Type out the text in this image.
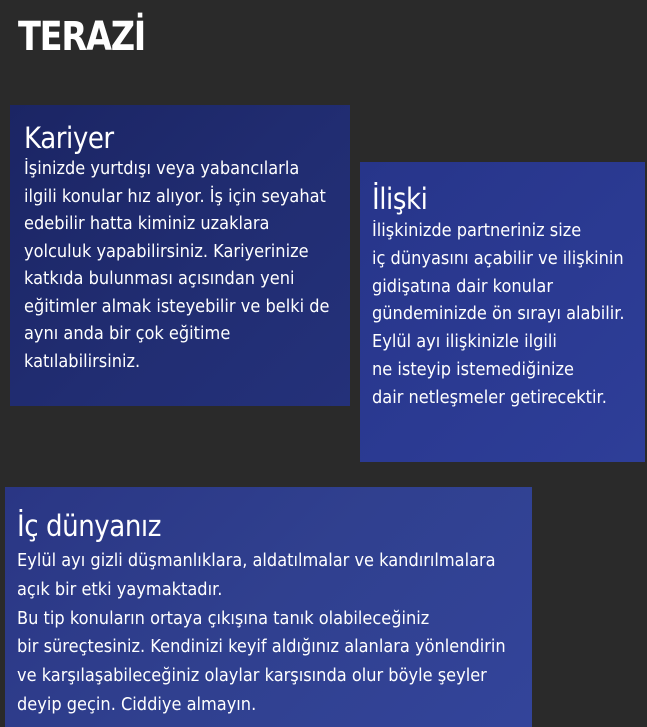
TERAZİ
Kariyer

İşinizde yurtdışı veya yabancılarla
ilgili konular hız alıyor. İş için seyahat
edebilir hatta kiminiz uzaklara
yolculuk yapabilirsiniz. Kariyerinize
katkıda bulunması açısından yeni
eğitimler almak isteyebilir ve belki de
aynı anda bir çok eğitime
katılabilirsiniz.

İlişki

İlişkinizde partneriniz size
iç dünyasını açabilir ve ilişkinin
gidişatına dair konular
gündeminizde ön sırayı alabilir.
Eylül ayı ilişkinizle ilgili
ne isteyip istemediğinize
dair netleşmeler getirecektir.

İç dünyanız

Eylül ayı gizli düşmanlıklara, aldatılmalar ve kandırılmalara
açık bir etki yaymaktadır.
Bu tip konuların ortaya çıkışına tanık olabileceğiniz
bir süreçtesiniz. Kendinizi keyif aldığınız alanlara yönlendirin
ve karşılaşabileceğiniz olaylar karşısında olur böyle şeyler
deyip geçin. Ciddiye almayın.
